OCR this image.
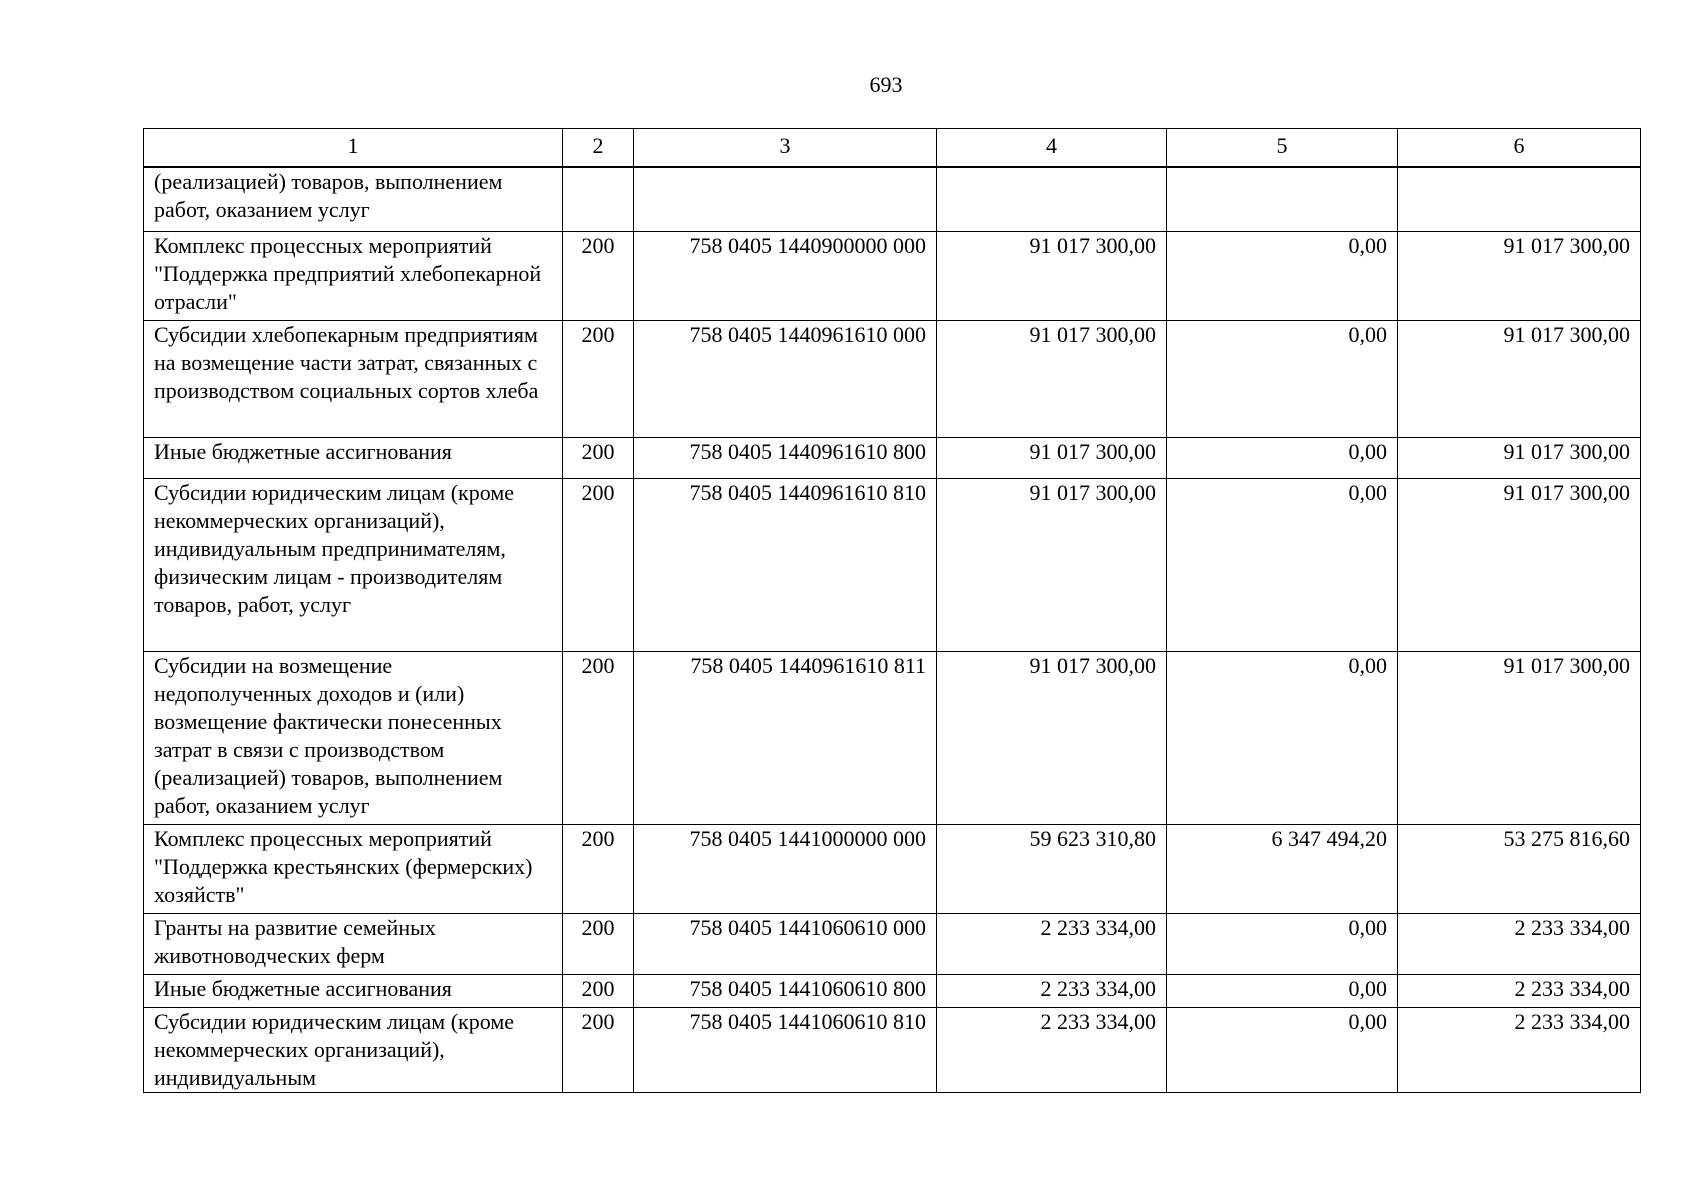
693
1	2	3	4	5	6
(реализацией) товаров, выполнением работ, оказанием услуг					
Комплекс процессных мероприятий "Поддержка предприятий хлебопекарной отрасли"	200	758 0405 1440900000 000	91 017 300,00	0,00	91 017 300,00
Субсидии хлебопекарным предприятиям на возмещение части затрат, связанных с производством социальных сортов хлеба	200	758 0405 1440961610 000	91 017 300,00	0,00	91 017 300,00
Иные бюджетные ассигнования	200	758 0405 1440961610 800	91 017 300,00	0,00	91 017 300,00
Субсидии юридическим лицам (кроме некоммерческих организаций), индивидуальным предпринимателям, физическим лицам - производителям товаров, работ, услуг	200	758 0405 1440961610 810	91 017 300,00	0,00	91 017 300,00
Субсидии на возмещение недополученных доходов и (или) возмещение фактически понесенных затрат в связи с производством (реализацией) товаров, выполнением работ, оказанием услуг	200	758 0405 1440961610 811	91 017 300,00	0,00	91 017 300,00
Комплекс процессных мероприятий "Поддержка крестьянских (фермерских) хозяйств"	200	758 0405 1441000000 000	59 623 310,80	6 347 494,20	53 275 816,60
Гранты на развитие семейных животноводческих ферм	200	758 0405 1441060610 000	2 233 334,00	0,00	2 233 334,00
Иные бюджетные ассигнования	200	758 0405 1441060610 800	2 233 334,00	0,00	2 233 334,00
Субсидии юридическим лицам (кроме некоммерческих организаций), индивидуальным	200	758 0405 1441060610 810	2 233 334,00	0,00	2 233 334,00
